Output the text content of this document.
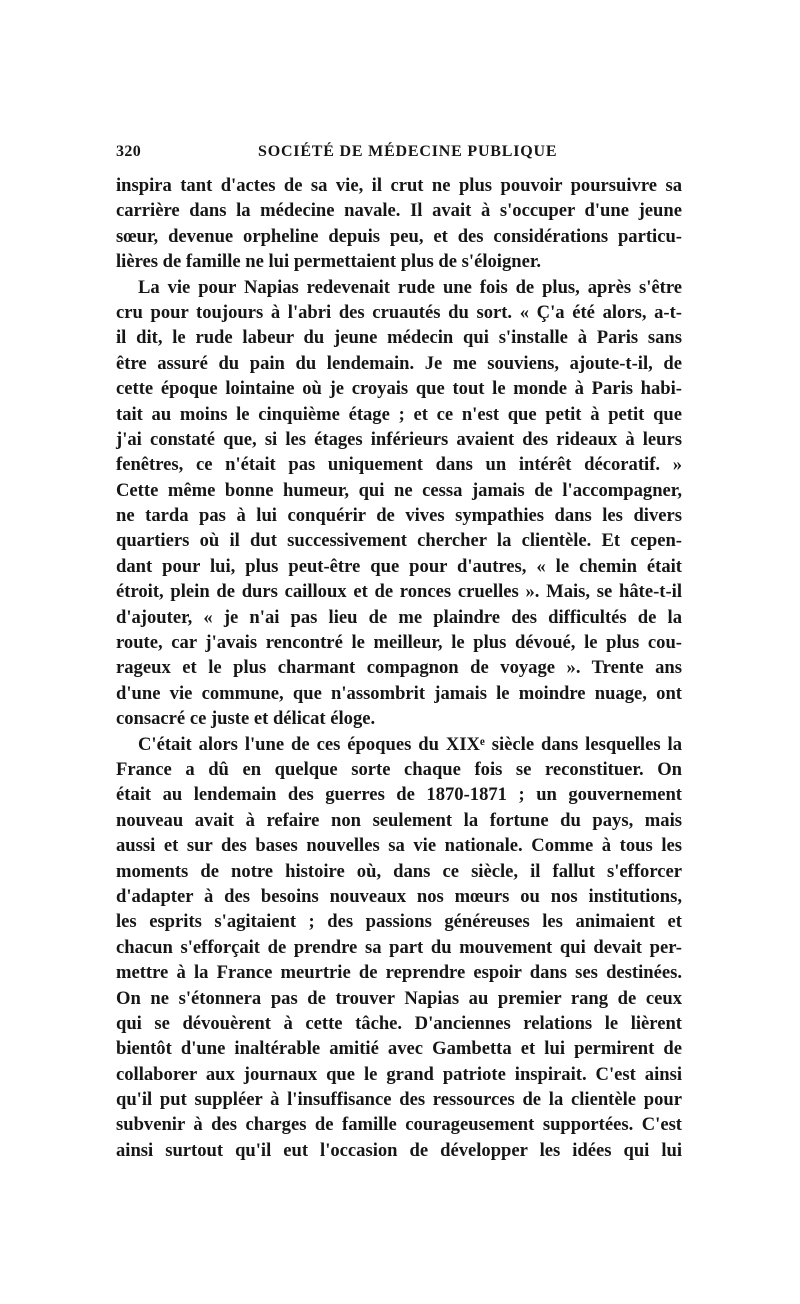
320	SOCIÉTÉ DE MÉDECINE PUBLIQUE
inspira tant d'actes de sa vie, il crut ne plus pouvoir poursuivre sa
carrière dans la médecine navale. Il avait à s'occuper d'une jeune
sœur, devenue orpheline depuis peu, et des considérations particu-
lières de famille ne lui permettaient plus de s'éloigner.
La vie pour Napias redevenait rude une fois de plus, après s'être
cru pour toujours à l'abri des cruautés du sort. « Ç'a été alors, a-t-
il dit, le rude labeur du jeune médecin qui s'installe à Paris sans
être assuré du pain du lendemain. Je me souviens, ajoute-t-il, de
cette époque lointaine où je croyais que tout le monde à Paris habi-
tait au moins le cinquième étage ; et ce n'est que petit à petit que
j'ai constaté que, si les étages inférieurs avaient des rideaux à leurs
fenêtres, ce n'était pas uniquement dans un intérêt décoratif. »
Cette même bonne humeur, qui ne cessa jamais de l'accompagner,
ne tarda pas à lui conquérir de vives sympathies dans les divers
quartiers où il dut successivement chercher la clientèle. Et cepen-
dant pour lui, plus peut-être que pour d'autres, « le chemin était
étroit, plein de durs cailloux et de ronces cruelles ». Mais, se hâte-t-il
d'ajouter, « je n'ai pas lieu de me plaindre des difficultés de la
route, car j'avais rencontré le meilleur, le plus dévoué, le plus cou-
rageux et le plus charmant compagnon de voyage ». Trente ans
d'une vie commune, que n'assombrit jamais le moindre nuage, ont
consacré ce juste et délicat éloge.
C'était alors l'une de ces époques du XIXᵉ siècle dans lesquelles la
France a dû en quelque sorte chaque fois se reconstituer. On
était au lendemain des guerres de 1870-1871 ; un gouvernement
nouveau avait à refaire non seulement la fortune du pays, mais
aussi et sur des bases nouvelles sa vie nationale. Comme à tous les
moments de notre histoire où, dans ce siècle, il fallut s'efforcer
d'adapter à des besoins nouveaux nos mœurs ou nos institutions,
les esprits s'agitaient ; des passions généreuses les animaient et
chacun s'efforçait de prendre sa part du mouvement qui devait per-
mettre à la France meurtrie de reprendre espoir dans ses destinées.
On ne s'étonnera pas de trouver Napias au premier rang de ceux
qui se dévouèrent à cette tâche. D'anciennes relations le lièrent
bientôt d'une inaltérable amitié avec Gambetta et lui permirent de
collaborer aux journaux que le grand patriote inspirait. C'est ainsi
qu'il put suppléer à l'insuffisance des ressources de la clientèle pour
subvenir à des charges de famille courageusement supportées. C'est
ainsi surtout qu'il eut l'occasion de développer les idées qui lui
